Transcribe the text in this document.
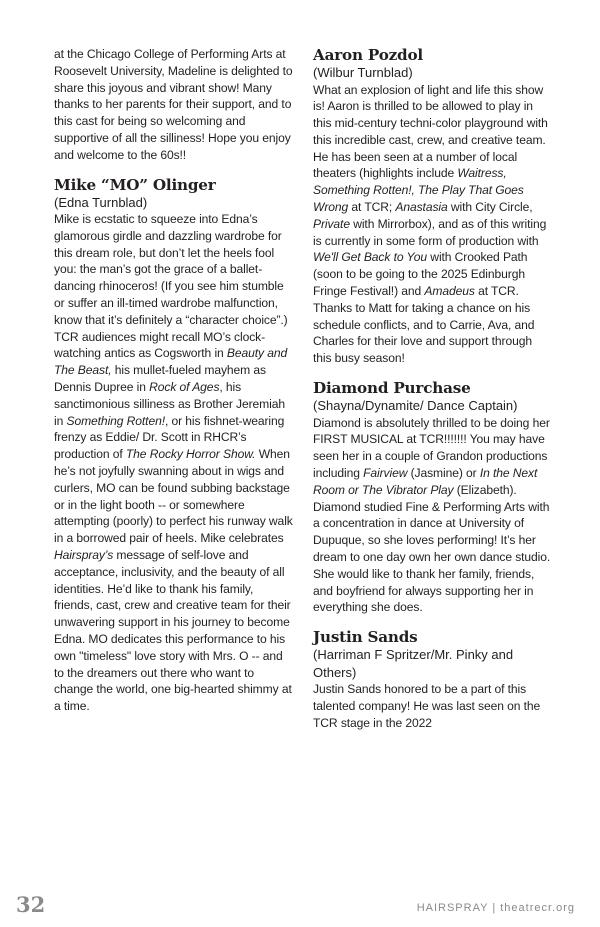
at the Chicago College of Performing Arts at Roosevelt University, Madeline is delighted to share this joyous and vibrant show! Many thanks to her parents for their support, and to this cast for being so welcoming and supportive of all the silliness! Hope you enjoy and welcome to the 60s!!

Mike “MO” Olinger

(Edna Turnblad)

Mike is ecstatic to squeeze into Edna’s glamorous girdle and dazzling wardrobe for this dream role, but don’t let the heels fool you: the man’s got the grace of a ballet-dancing rhinoceros! (If you see him stumble or suffer an ill-timed wardrobe malfunction, know that it’s definitely a “character choice”.) TCR audiences might recall MO’s clock-watching antics as Cogsworth in Beauty and The Beast, his mullet-fueled mayhem as Dennis Dupree in Rock of Ages, his sanctimonious silliness as Brother Jeremiah in Something Rotten!, or his fishnet-wearing frenzy as Eddie/ Dr. Scott in RHCR’s production of The Rocky Horror Show. When he’s not joyfully swanning about in wigs and curlers, MO can be found subbing backstage or in the light booth -- or somewhere attempting (poorly) to perfect his runway walk in a borrowed pair of heels. Mike celebrates Hairspray’s message of self-love and acceptance, inclusivity, and the beauty of all identities. He’d like to thank his family, friends, cast, crew and creative team for their unwavering support in his journey to become Edna. MO dedicates this performance to his own "timeless" love story with Mrs. O -- and to the dreamers out there who want to change the world, one big-hearted shimmy at a time.

Aaron Pozdol

(Wilbur Turnblad)

What an explosion of light and life this show is! Aaron is thrilled to be allowed to play in this mid-century techni-color playground with this incredible cast, crew, and creative team. He has been seen at a number of local theaters (highlights include Waitress, Something Rotten!, The Play That Goes Wrong at TCR; Anastasia with City Circle, Private with Mirrorbox), and as of this writing is currently in some form of production with We'll Get Back to You with Crooked Path (soon to be going to the 2025 Edinburgh Fringe Festival!) and Amadeus at TCR. Thanks to Matt for taking a chance on his schedule conflicts, and to Carrie, Ava, and Charles for their love and support through this busy season!

Diamond Purchase

(Shayna/Dynamite/ Dance Captain)

Diamond is absolutely thrilled to be doing her FIRST MUSICAL at TCR!!!!!!! You may have seen her in a couple of Grandon productions including Fairview (Jasmine) or In the Next Room or The Vibrator Play (Elizabeth). Diamond studied Fine & Performing Arts with a concentration in dance at University of Dupuque, so she loves performing! It’s her dream to one day own her own dance studio. She would like to thank her family, friends, and boyfriend for always supporting her in everything she does.

Justin Sands

(Harriman F Spritzer/Mr. Pinky and Others)

Justin Sands honored to be a part of this talented company! He was last seen on the TCR stage in the 2022

32	HAIRSPRAY | theatrecr.org
